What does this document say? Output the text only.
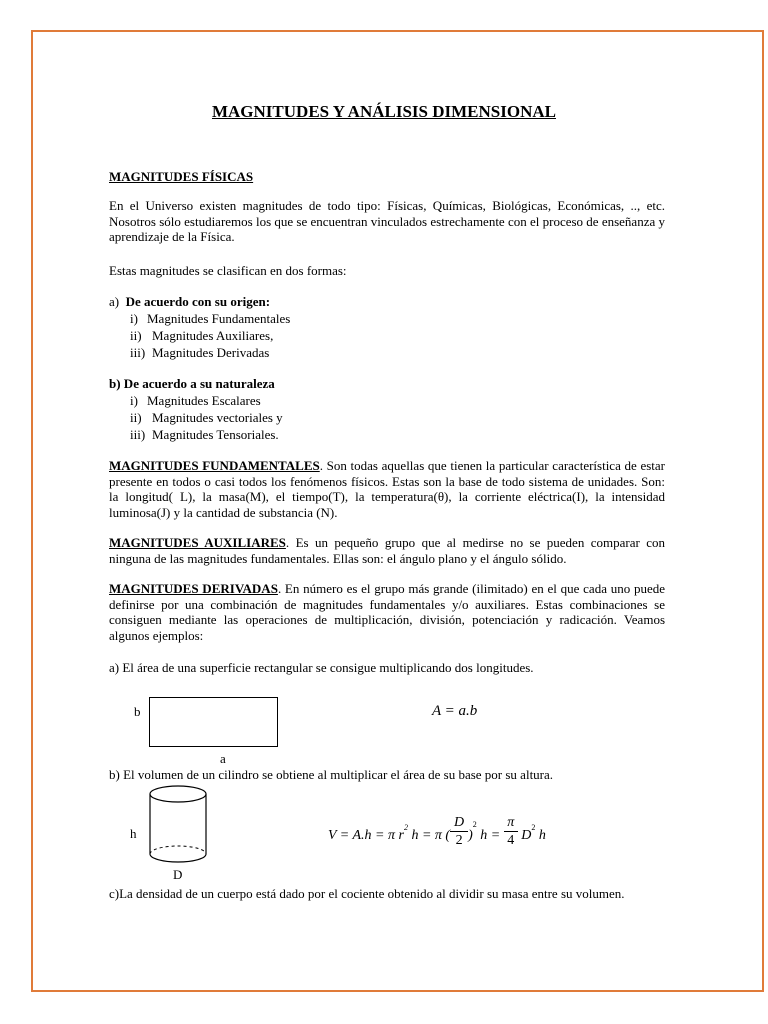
MAGNITUDES Y ANÁLISIS DIMENSIONAL
MAGNITUDES FÍSICAS
En el Universo existen magnitudes de todo tipo: Físicas, Químicas, Biológicas, Económicas, .., etc. Nosotros sólo estudiaremos los que se encuentran vinculados estrechamente con el proceso de enseñanza y aprendizaje de la Física.
Estas magnitudes se clasifican en dos formas:
a) De acuerdo con su origen:
i) Magnitudes Fundamentales
ii) Magnitudes Auxiliares,
iii) Magnitudes Derivadas
b) De acuerdo a su naturaleza
i) Magnitudes Escalares
ii) Magnitudes vectoriales y
iii) Magnitudes Tensoriales.
MAGNITUDES FUNDAMENTALES. Son todas aquellas que tienen la particular característica de estar presente en todos o casi todos los fenómenos físicos. Estas son la base de todo sistema de unidades. Son: la longitud( L), la masa(M), el tiempo(T), la temperatura(θ), la corriente eléctrica(I), la intensidad luminosa(J) y la cantidad de substancia (N).
MAGNITUDES AUXILIARES. Es un pequeño grupo que al medirse no se pueden comparar con ninguna de las magnitudes fundamentales. Ellas son: el ángulo plano y el ángulo sólido.
MAGNITUDES DERIVADAS. En número es el grupo más grande (ilimitado) en el que cada uno puede definirse por una combinación de magnitudes fundamentales y/o auxiliares. Estas combinaciones se consiguen mediante las operaciones de multiplicación, división, potenciación y radicación. Veamos algunos ejemplos:
a) El área de una superficie rectangular se consigue multiplicando dos longitudes.
b
a
A = a.b
b) El volumen de un cilindro se obtiene al multiplicar el área de su base por su altura.
h
D
V = A.h = π $r^2$ h = π ( $\frac{D}{2} )^2$ $h = \frac{\pi}{4} D^2$ h
c)La densidad de un cuerpo está dado por el cociente obtenido al dividir su masa entre su volumen.
